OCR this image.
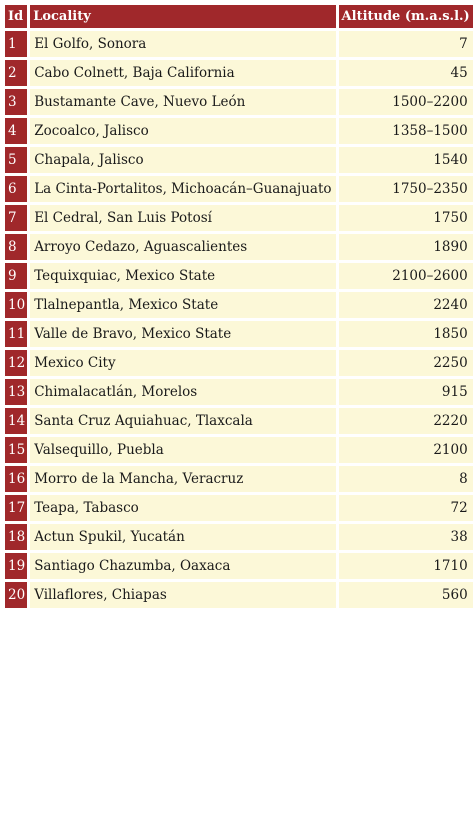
Id	Locality	Altitude (m.a.s.l.)
1	El Golfo, Sonora	7
2	Cabo Colnett, Baja California	45
3	Bustamante Cave, Nuevo León	1500–2200
4	Zocoalco, Jalisco	1358–1500
5	Chapala, Jalisco	1540
6	La Cinta-Portalitos, Michoacán–Guanajuato	1750–2350
7	El Cedral, San Luis Potosí	1750
8	Arroyo Cedazo, Aguascalientes	1890
9	Tequixquiac, Mexico State	2100–2600
10	Tlalnepantla, Mexico State	2240
11	Valle de Bravo, Mexico State	1850
12	Mexico City	2250
13	Chimalacatlán, Morelos	915
14	Santa Cruz Aquiahuac, Tlaxcala	2220
15	Valsequillo, Puebla	2100
16	Morro de la Mancha, Veracruz	8
17	Teapa, Tabasco	72
18	Actun Spukil, Yucatán	38
19	Santiago Chazumba, Oaxaca	1710
20	Villaflores, Chiapas	560
